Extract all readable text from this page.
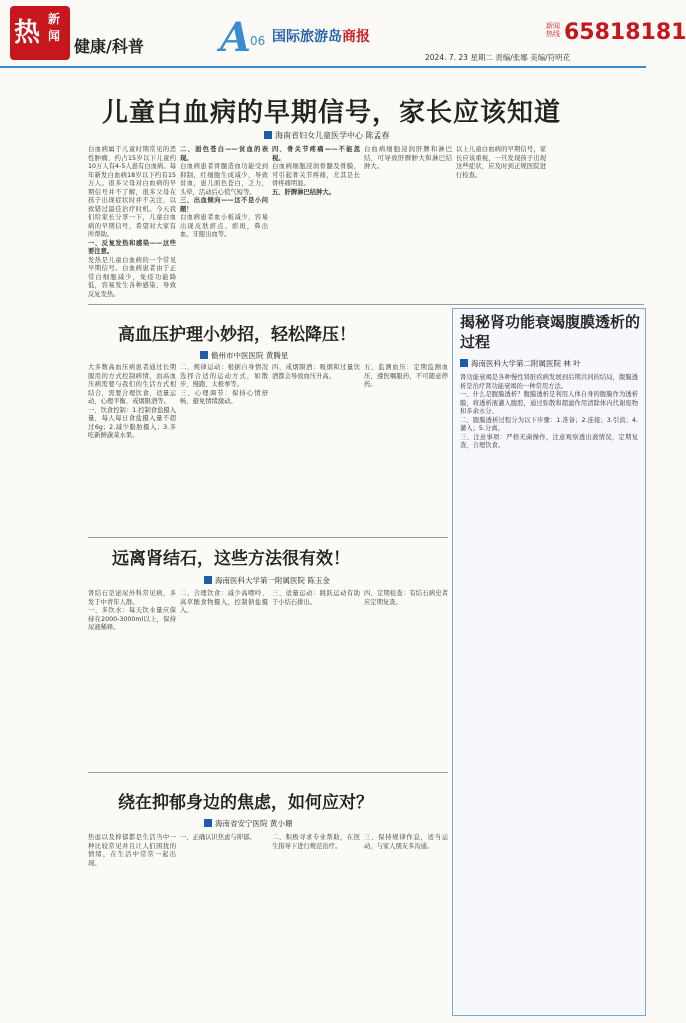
热 新闻
健康/科普 A
06 国际旅游岛商报
新闻热线 65818181
2024. 7. 23 星期二 责编/张娜 美编/符明花
儿童白血病的早期信号，家长应该知道
海南省妇女儿童医学中心 陈孟春

白血病属于儿童时期常见的恶性肿瘤，约占15岁以下儿童约10万人有4-5人患有白血病。每年新发白血病18岁以下约有15万人。很多父母对白血病的早期信号并不了解，很多父母在孩子出现症状时并不关注，以致错过最佳治疗时机。今天我们给家长分享一下，儿童白血病的早期信号，希望对大家有所帮助。

一、反复发热和感染——这些要注意。

发热是儿童白血病的一个常见早期信号。白血病患者由于正常白细胞减少，免疫功能降低，容易发生各种感染，导致反复发热。

二、面色苍白——贫血的表现。

白血病患者骨髓造血功能受到抑制，红细胞生成减少，导致贫血，患儿面色苍白，乏力，头晕，活动后心慌气短等。

三、出血倾向——这不是小问题！

白血病患者血小板减少，容易出现皮肤瘀点、瘀斑，鼻出血，牙龈出血等。

四、骨关节疼痛——不能忽视。

白血病细胞浸润骨髓及骨膜，可引起骨关节疼痛，尤其是长骨疼痛明显。

五、肝脾淋巴结肿大。

白血病细胞浸润肝脾和淋巴结，可导致肝脾肿大和淋巴结肿大。

以上儿童白血病的早期信号，家长应该重视，一旦发现孩子出现这些症状，应及时到正规医院进行检查。

高血压护理小妙招，轻松降压！
儋州市中医医院 黄腾星

大多数高血压病患者通过长期服用的方式控制病情，而高血压病需要与我们的生活方式相结合，需要合理饮食、适量运动、心理平衡、戒烟限酒等。

一、饮食控制：1.控制食盐摄入量，每人每日食盐摄入量不超过6g；2.减少脂肪摄入；3.多吃新鲜蔬菜水果。

二、规律运动：根据自身情况选择合适的运动方式，如散步、慢跑、太极拳等。

三、心理调节：保持心情舒畅，避免情绪激动。

四、戒烟限酒：吸烟和过量饮酒都会导致血压升高。

五、监测血压：定期监测血压，遵医嘱服药，不可随意停药。

远离肾结石，这些方法很有效！
海南医科大学第一附属医院 陈玉金

肾结石是泌尿外科常见病，多发于中青年人群。

一、多饮水：每天饮水量应保持在2000-3000ml以上，保持尿液稀释。

二、合理饮食：减少高嘌呤、高草酸食物摄入，控制钠盐摄入。

三、适量运动：跳跃运动有助于小结石排出。

四、定期检查：有结石病史者应定期复查。

绕在抑郁身边的焦虑，如何应对？
海南省安宁医院 黄小珊

焦虑以及抑郁都是生活当中一种比较常见并且让人们困扰的情绪，在生活中常常一起出现。

一、正确认识焦虑与抑郁。	二、积极寻求专业帮助，在医生指导下进行规范治疗。

三、保持规律作息，适当运动，与家人朋友多沟通。

揭秘肾功能衰竭腹膜透析的过程
海南医科大学第二附属医院 林 叶

肾功能衰竭是各种慢性肾脏疾病发展到后期共同的结局，腹膜透析是治疗肾功能衰竭的一种常用方法。

一、什么是腹膜透析？腹膜透析是利用人体自身的腹膜作为透析膜，将透析液灌入腹腔，通过弥散和超滤作用清除体内代谢废物和多余水分。

二、腹膜透析过程分为以下步骤：1.准备；2.连接；3.引流；4.灌入；5.分离。

三、注意事项：严格无菌操作，注意观察透出液情况，定期复查，合理饮食。
